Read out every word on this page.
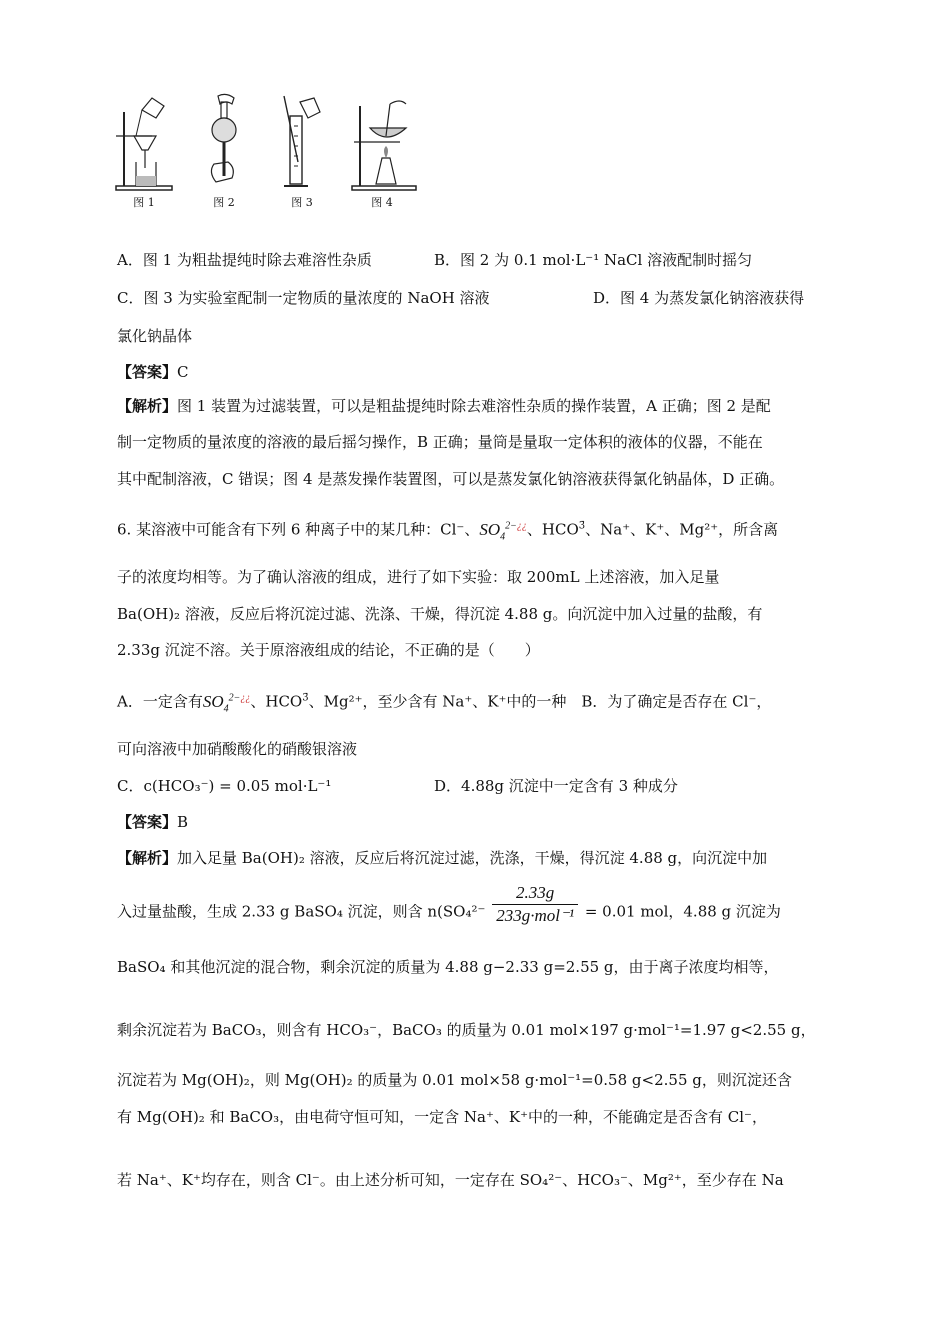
图 1	图 2	图 3	图 4
A．图 1 为粗盐提纯时除去难溶性杂质	B．图 2 为 0.1 mol·L⁻¹ NaCl 溶液配制时摇匀
C．图 3 为实验室配制一定物质的量浓度的 NaOH 溶液	D．图 4 为蒸发氯化钠溶液获得
氯化钠晶体
【答案】C
【解析】图 1 装置为过滤装置，可以是粗盐提纯时除去难溶性杂质的操作装置，A 正确；图 2 是配
制一定物质的量浓度的溶液的最后摇匀操作，B 正确；量筒是量取一定体积的液体的仪器，不能在
其中配制溶液，C 错误；图 4 是蒸发操作装置图，可以是蒸发氯化钠溶液获得氯化钠晶体，D 正确。
6. 某溶液中可能含有下列 6 种离子中的某几种：Cl⁻、$SO_4^{2-¿¿}$、$HCO^{3̄}$、Na⁺、K⁺、Mg²⁺，所含离
子的浓度均相等。为了确认溶液的组成，进行了如下实验：取 200mL 上述溶液，加入足量
Ba(OH)₂ 溶液，反应后将沉淀过滤、洗涤、干燥，得沉淀 4.88 g。向沉淀中加入过量的盐酸，有
2.33g 沉淀不溶。关于原溶液组成的结论，不正确的是（　　）
A．一定含有$SO_4^{2-¿¿}$、$HCO^{3̄}$、Mg²⁺，至少含有 Na⁺、K⁺中的一种　B．为了确定是否存在 Cl⁻，
可向溶液中加硝酸酸化的硝酸银溶液
C．c(HCO₃⁻) = 0.05 mol·L⁻¹	D．4.88g 沉淀中一定含有 3 种成分
【答案】B
【解析】加入足量 Ba(OH)₂ 溶液，反应后将沉淀过滤，洗涤，干燥，得沉淀 4.88 g，向沉淀中加
入过量盐酸，生成 2.33 g BaSO₄ 沉淀，则含 $n(SO_4^{2-} \frac{2.33g}{\text{233g·mol⁻¹}} = 0.01$ mol，4.88 g 沉淀为
BaSO₄ 和其他沉淀的混合物，剩余沉淀的质量为 4.88 g−2.33 g=2.55 g，由于离子浓度均相等，
剩余沉淀若为 BaCO₃，则含有 HCO₃⁻，BaCO₃ 的质量为 0.01 mol×197 g·mol⁻¹=1.97 g<2.55 g，
沉淀若为 Mg(OH)₂，则 Mg(OH)₂ 的质量为 0.01 mol×58 g·mol⁻¹=0.58 g<2.55 g，则沉淀还含
有 Mg(OH)₂ 和 BaCO₃，由电荷守恒可知，一定含 Na⁺、K⁺中的一种，不能确定是否含有 Cl⁻，
若 Na⁺、K⁺均存在，则含 Cl⁻。由上述分析可知，一定存在 SO₄²⁻、HCO₃⁻、Mg²⁺，至少存在 Na
